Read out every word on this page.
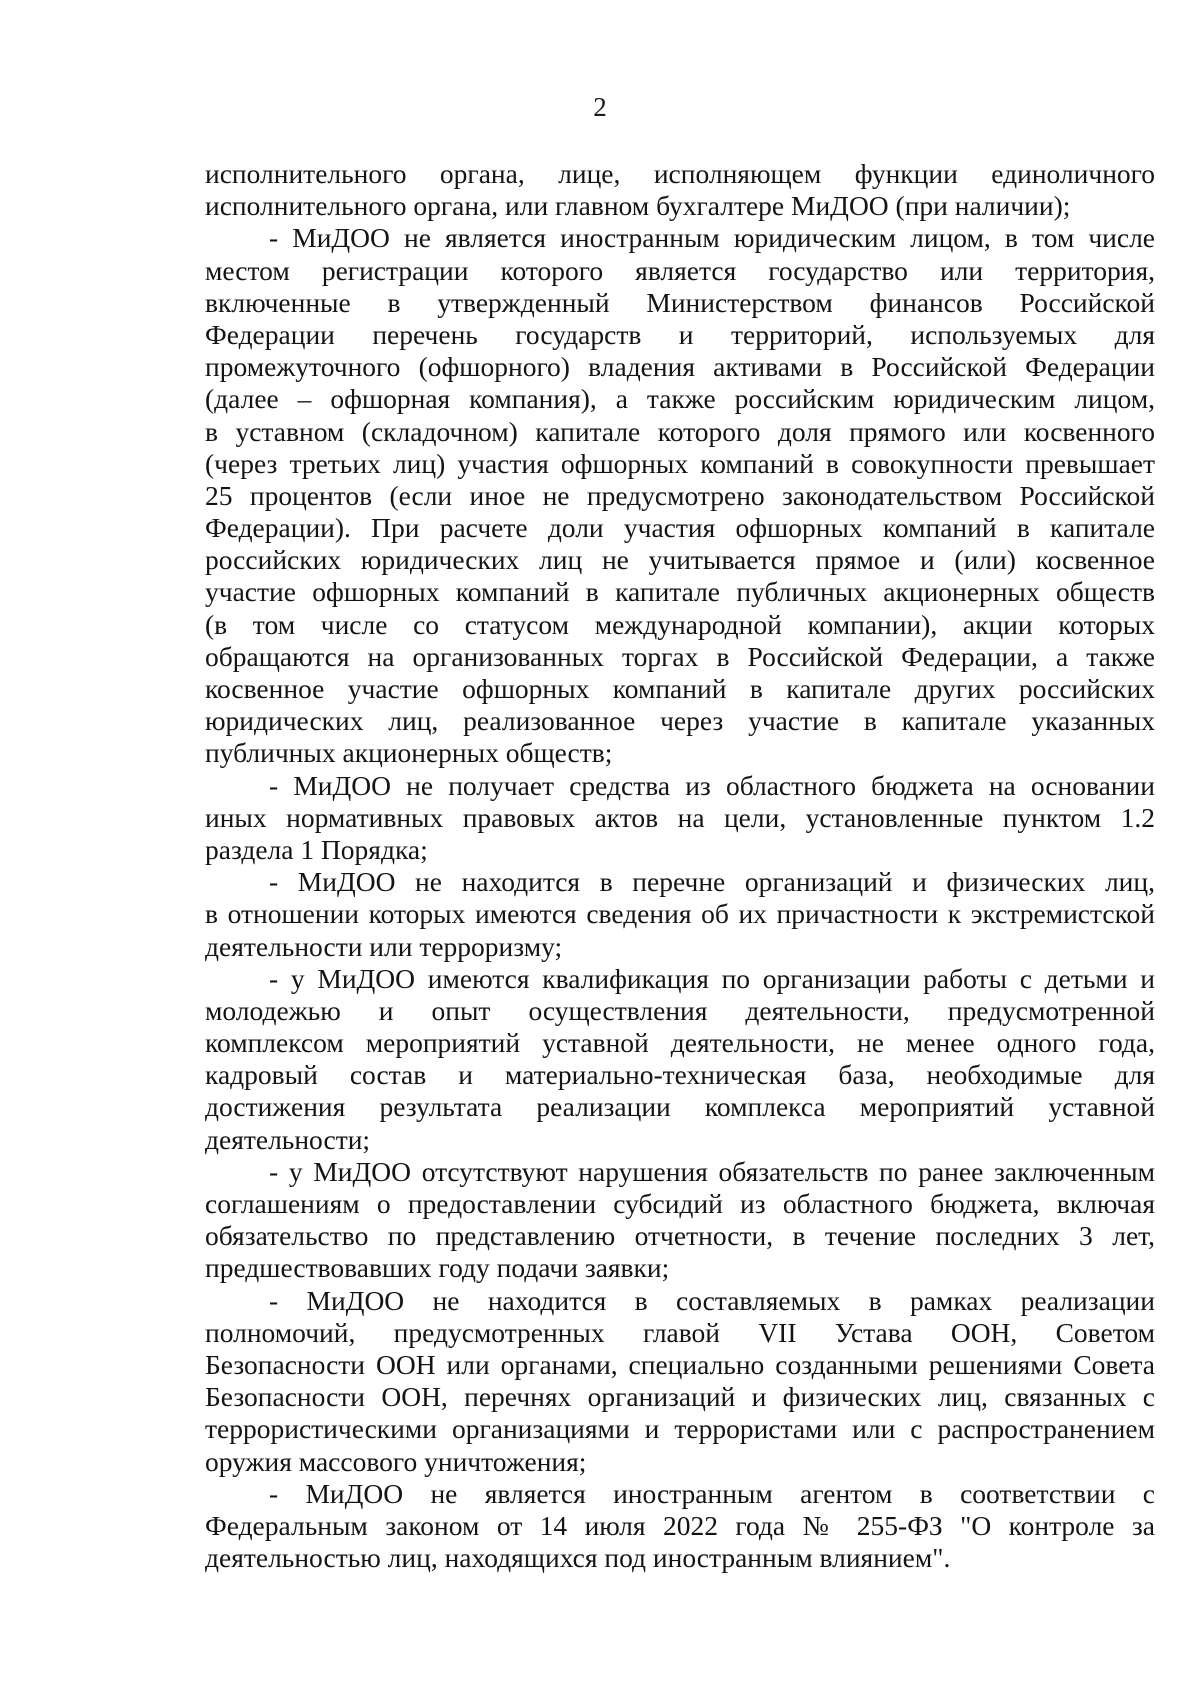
2
исполнительного органа, лице, исполняющем функции единоличного
исполнительного органа, или главном бухгалтере МиДОО (при наличии);
- МиДОО не является иностранным юридическим лицом, в том числе
местом регистрации которого является государство или территория,
включенные в утвержденный Министерством финансов Российской
Федерации перечень государств и территорий, используемых для
промежуточного (офшорного) владения активами в Российской Федерации
(далее – офшорная компания), а также российским юридическим лицом,
в уставном (складочном) капитале которого доля прямого или косвенного
(через третьих лиц) участия офшорных компаний в совокупности превышает
25 процентов (если иное не предусмотрено законодательством Российской
Федерации). При расчете доли участия офшорных компаний в капитале
российских юридических лиц не учитывается прямое и (или) косвенное
участие офшорных компаний в капитале публичных акционерных обществ
(в том числе со статусом международной компании), акции которых
обращаются на организованных торгах в Российской Федерации, а также
косвенное участие офшорных компаний в капитале других российских
юридических лиц, реализованное через участие в капитале указанных
публичных акционерных обществ;
- МиДОО не получает средства из областного бюджета на основании
иных нормативных правовых актов на цели, установленные пунктом 1.2
раздела 1 Порядка;
- МиДОО не находится в перечне организаций и физических лиц,
в отношении которых имеются сведения об их причастности к экстремистской
деятельности или терроризму;
- у МиДОО имеются квалификация по организации работы с детьми и
молодежью и опыт осуществления деятельности, предусмотренной
комплексом мероприятий уставной деятельности, не менее одного года,
кадровый состав и материально-техническая база, необходимые для
достижения результата реализации комплекса мероприятий уставной
деятельности;
- у МиДОО отсутствуют нарушения обязательств по ранее заключенным
соглашениям о предоставлении субсидий из областного бюджета, включая
обязательство по представлению отчетности, в течение последних 3 лет,
предшествовавших году подачи заявки;
- МиДОО не находится в составляемых в рамках реализации
полномочий, предусмотренных главой VII Устава ООН, Советом
Безопасности ООН или органами, специально созданными решениями Совета
Безопасности ООН, перечнях организаций и физических лиц, связанных с
террористическими организациями и террористами или с распространением
оружия массового уничтожения;
- МиДОО не является иностранным агентом в соответствии с
Федеральным законом от 14 июля 2022 года № 255-ФЗ "О контроле за
деятельностью лиц, находящихся под иностранным влиянием".
